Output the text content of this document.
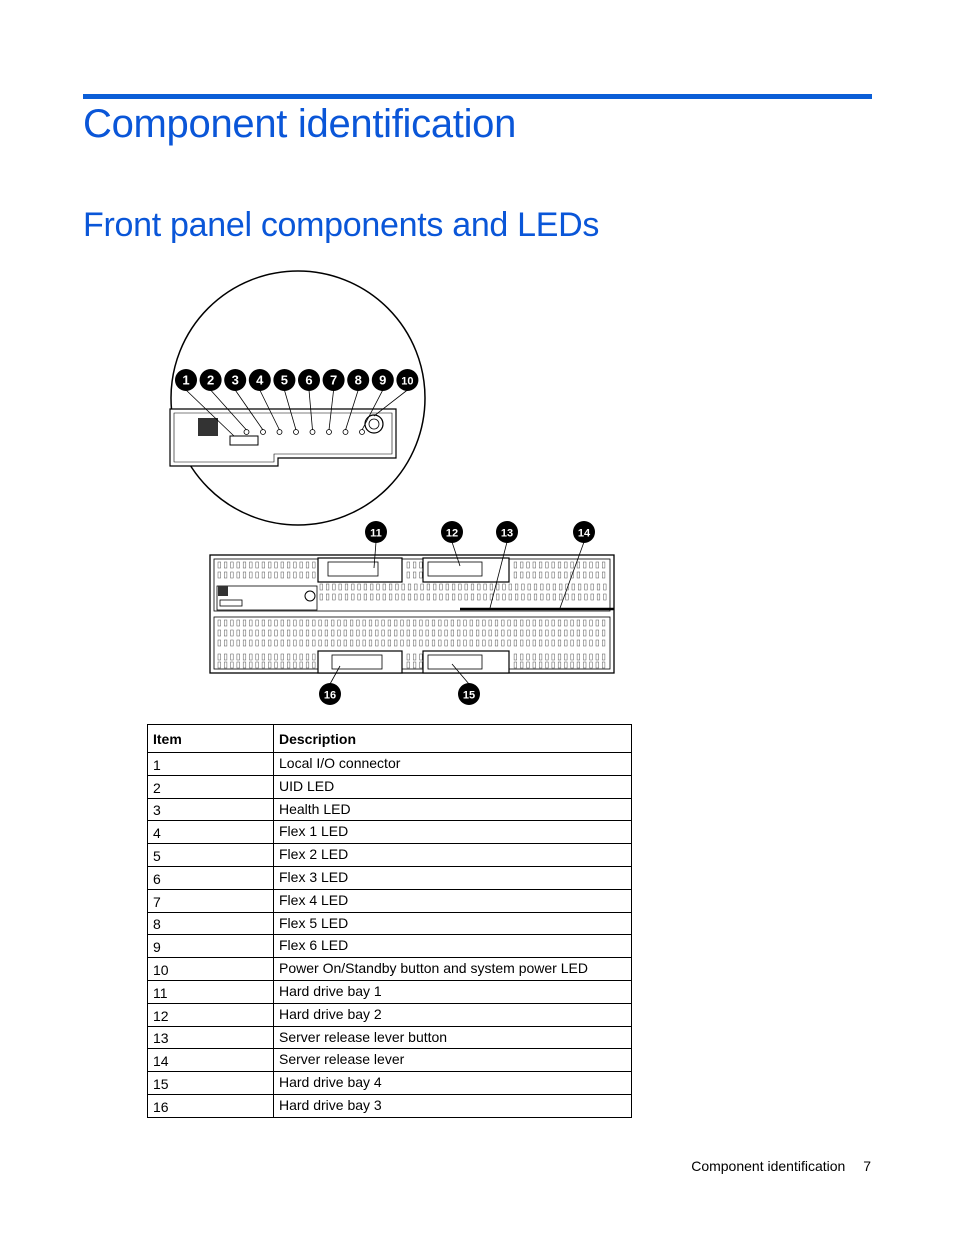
Component identification
Front panel components and LEDs
1 2 3 4 5 6 7 8 9 10
11	12	13	14
16	15
Item	Description
1	Local I/O connector
2	UID LED
3	Health LED
4	Flex 1 LED
5	Flex 2 LED
6	Flex 3 LED
7	Flex 4 LED
8	Flex 5 LED
9	Flex 6 LED
10	Power On/Standby button and system power LED
11	Hard drive bay 1
12	Hard drive bay 2
13	Server release lever button
14	Server release lever
15	Hard drive bay 4
16	Hard drive bay 3
Component identification 7
